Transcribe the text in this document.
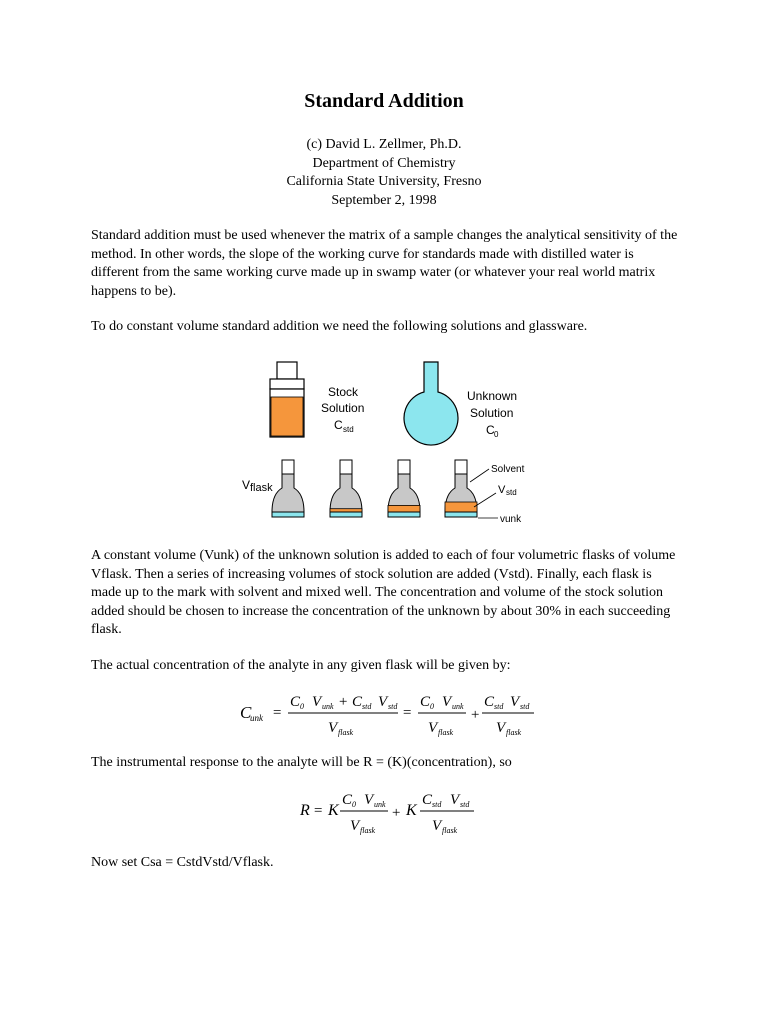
Standard Addition
(c) David L. Zellmer, Ph.D.
Department of Chemistry
California State University, Fresno
September 2, 1998

Standard addition must be used whenever the matrix of a sample changes the analytical sensitivity of the method. In other words, the slope of the working curve for standards made with distilled water is different from the same working curve made up in swamp water (or whatever your real world matrix happens to be).

To do constant volume standard addition we need the following solutions and glassware.

Stock
Solution
C std
Unknown
Solution
C 0
V flask
Solvent
V std
vunk

A constant volume (Vunk) of the unknown solution is added to each of four volumetric flasks of volume Vflask. Then a series of increasing volumes of stock solution are added (Vstd). Finally, each flask is made up to the mark with solvent and mixed well. The concentration and volume of the stock solution added should be chosen to increase the concentration of the unknown by about 30% in each succeeding flask.

The actual concentration of the analyte in any given flask will be given by:

C
unk =
C 0 V unk + C std V std
V flask
=
C 0 V unk
V flask
+
C std V std
V flask

The instrumental response to the analyte will be R = (K)(concentration), so

R = K
C 0 V unk
V flask
+ K
C std V std
V flask

Now set Csa = CstdVstd/Vflask.
